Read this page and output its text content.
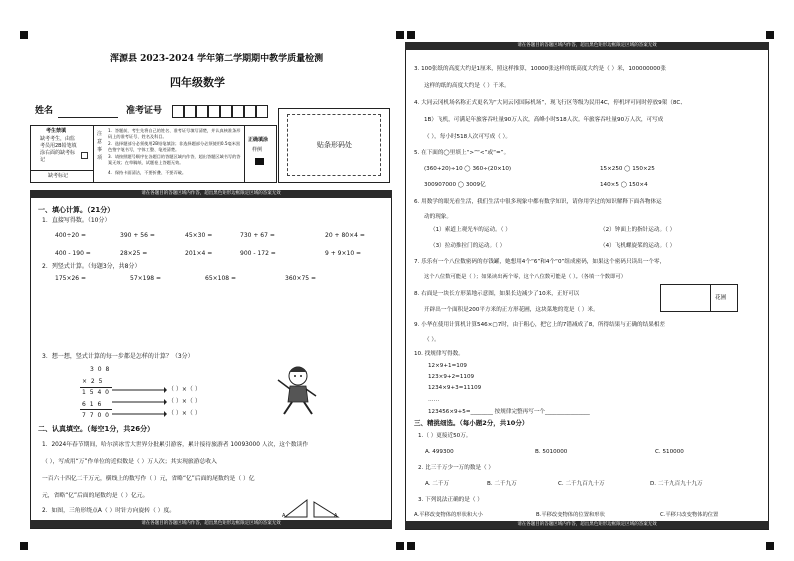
浑源县 2023-2024 学年第二学期期中教学质量检测
四年级数学
姓名	准考证号
贴条形码处
考生禁填
缺考考生，由监
考员用2B铅笔填
涂右面的缺考标
记
缺考标记
注意事项
1．答题前，考生先将自己的姓名、准考证号填写清楚，并认真核准条形码上的准考证号、姓名及科目。
2．选择题部分必须使用2B铅笔填涂；非选择题部分必须使用0.5毫米黑色签字笔书写，字体工整、笔迹清楚。
3．请按照题号顺序在各题目的答题区域内作答，超出答题区域书写的答案无效；在草稿纸、试题卷上答题无效。
4．保持卡面清洁，不要折叠、不要弄破。
正确填涂
样例
请在各题目的答题区域内作答，超出黑色矩形边框限定区域的答案无效
请在各题目的答题区域内作答，超出黑色矩形边框限定区域的答案无效
一、填心计算。（21分）
1．直接写得数。（10分）
400÷20 =	390 + 56 =	45×30 =	730 + 67 =	20 + 80×4 =
400 - 190 =	28×25 =	201×4 =	900 - 172 =	9 + 9×10 =
2．列竖式计算。（每题3分，共8分）
175×26 =	57×198 =	65×108 =	360×75 =
3．想一想，竖式计算的每一步都是怎样的计算？（3分）
3 0 8
× 2 5
1 5 4 0
6 1 6
7 7 0 0
（ ）×（ ）
（ ）×（ ）
（ ）×（ ）
二、认真填空。（每空1分，共26分）
1．2024年春节期间，哈尔滨冰雪大世界分批累引游客，累计接待旅游者 10093000 人次，这个数读作
（ ），写成用“万”作单位的近似数是（ ）万人次；其实现旅游总收入
一百六十四亿二千万元，横线上的数写作（ ）元，省略“亿”后面的尾数约是（ ）亿
元，省略“亿”后面的尾数约是（ ）亿元。
2．如图，三角形绕点A（ ）时针方向旋转（ ）度。
A	A
请在各题目的答题区域内作答，超出黑色矩形边框限定区域的答案无效
请在各题目的答题区域内作答，超出黑色矩形边框限定区域的答案无效
3. 100张纸的高度大约是1厘米，照这样推算，10000张这样的纸高度大约是（ ）米，100000000张
这样的纸的高度大约是（ ）千米。
4. 大同云冈机场名称正式更名为“大同云冈国际机场”，现飞行区等级为民用4C，停机坪可同时停放9架（8C、
1B）飞机，可满足年旅客吞吐量90万人次，高峰小时518人次。年旅客吞吐量90万人次，可写成
（ ），每小时518人次可写成（ ）。
5. 在下面的◯里填上“>”“<”或“=”。
(360+20)÷10 ◯ 360÷(20×10)	15×250 ◯ 150×25
300907000 ◯ 3009亿	140×5 ◯ 150×4
6. 用数学的眼光看生活，我们生活中很多现象中都有数学知识，请你用学过的知识解释下面各物体运
动的现象。
（1）索道上观光车的运动。（ ）	（2）钟面上的指针运动。（ ）
（3）拉动推拉门的运动。（ ）	（4）飞机螺旋桨的运动。（ ）
7. 乐乐有一个八位数密码的存钱罐，她想用4个“6”和4个“0”组成密码，如果这个密码只读出一个零，
这个八位数可能是（ ）；如果读出两个零，这个八位数可能是（ ）。（各填一个数即可）
8. 右面是一块长方形菜地示意图，如果长边减少了10米，正好可以
开辟出一个面积是200平方米的正方形花圃，这块菜地的宽是（ ）米。
花圃
9. 小华在使用计算机计算546×▢7时，由于粗心，把它上的7错减成了8，所得结果与正确的结果相差
（ ）。
10. 找规律写得数。
12×9+1=109
123×9+2=1109
1234×9+3=11109
……
123456×9+5=________ 按规律完整再写一个________________
三、精挑细选。（每小题2分，共10分）
1.（ ）更接近50万。
A. 499300	B. 5010000	C. 510000
2. 比三千万少一万的数是（ ）
A. 二千万	B. 二千九万	C. 二千九百九十万	D. 二千九百九十九万
3. 下列说法正确的是（ ）
A.平移改变物体的形状和大小	B.平移改变物体的位置和形状	C.平移只改变物体的位置
